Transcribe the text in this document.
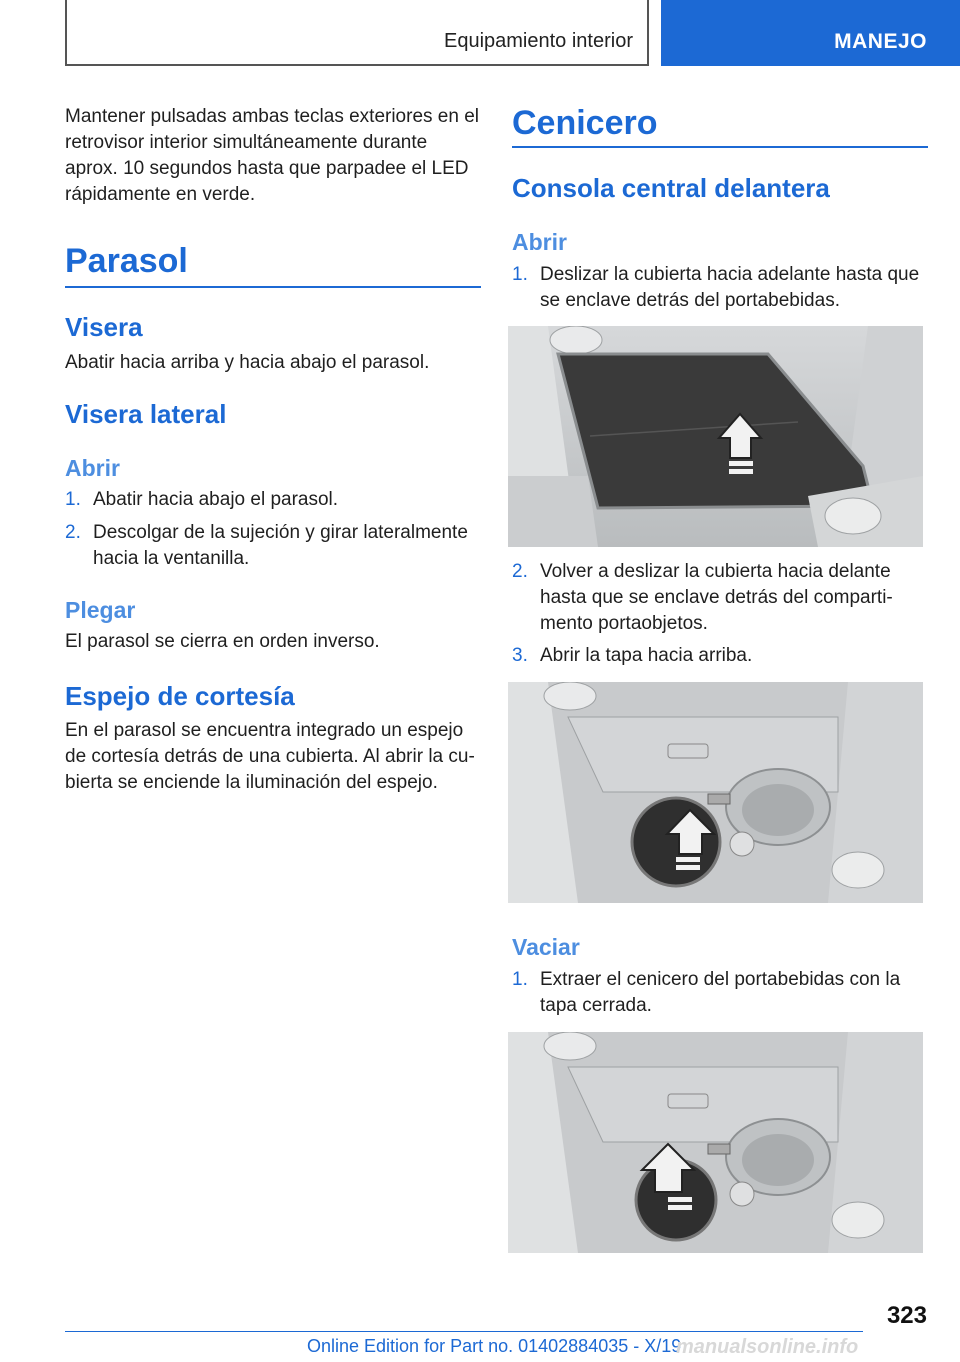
Equipamiento interior	MANEJO
Mantener pulsadas ambas teclas exteriores en el
retrovisor interior simultáneamente durante
aprox. 10 segundos hasta que parpadee el LED
rápidamente en verde.
Parasol
Visera
Abatir hacia arriba y hacia abajo el parasol.
Visera lateral
Abrir
1. Abatir hacia abajo el parasol.
2. Descolgar de la sujeción y girar lateralmente
hacia la ventanilla.
Plegar
El parasol se cierra en orden inverso.
Espejo de cortesía
En el parasol se encuentra integrado un espejo
de cortesía detrás de una cubierta. Al abrir la cu‐
bierta se enciende la iluminación del espejo.
Cenicero
Consola central delantera
Abrir
1. Deslizar la cubierta hacia adelante hasta que
se enclave detrás del portabebidas.
2. Volver a deslizar la cubierta hacia delante
hasta que se enclave detrás del comparti‐
mento portaobjetos.
3. Abrir la tapa hacia arriba.
Vaciar
1. Extraer el cenicero del portabebidas con la
tapa cerrada.
323
Online Edition for Part no. 01402884035 - X/19
manualsonline.info
